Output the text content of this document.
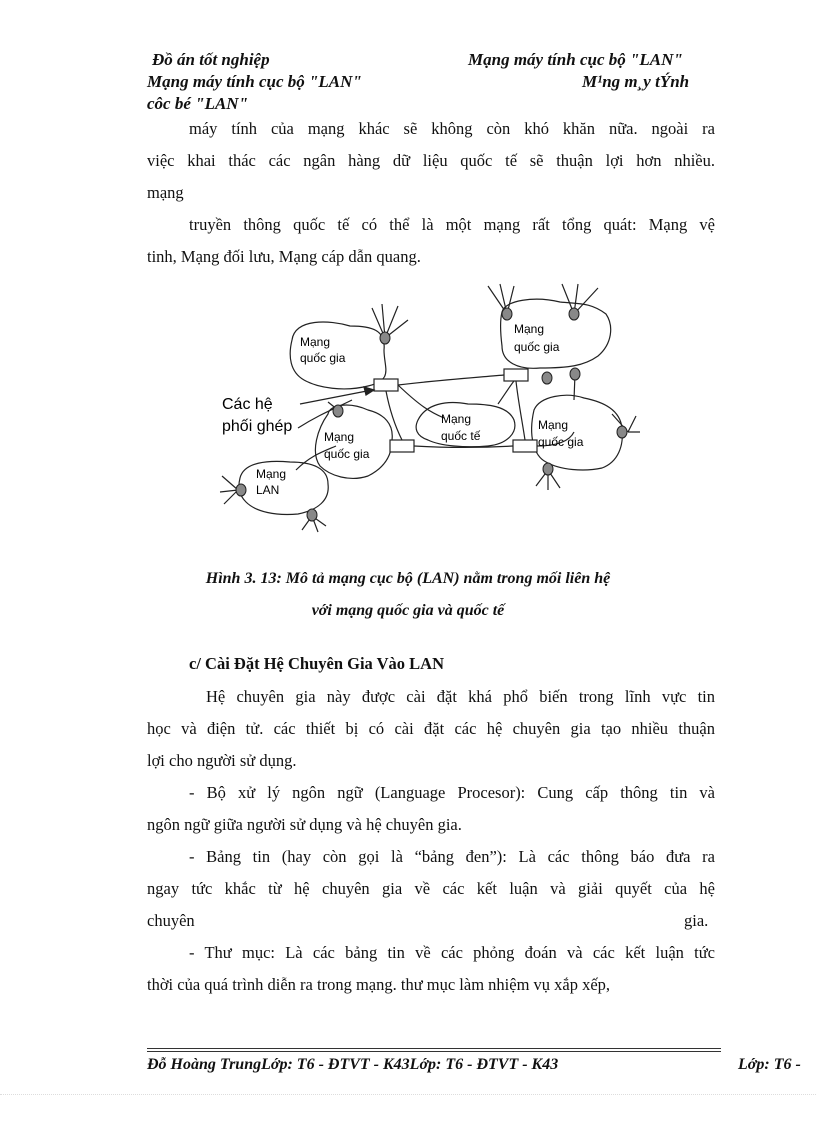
Đồ án tốt nghiệp	Mạng máy tính cục bộ "LAN"
Mạng máy tính cục bộ "LAN"	M¹ng m¸y tÝnh
côc bé "LAN"
máy tính của mạng khác sẽ không còn khó khăn nữa. ngoài ra
việc khai thác các ngân hàng dữ liệu quốc tế sẽ thuận lợi hơn nhiều.
mạng
truyền thông quốc tế có thể là một mạng rất tổng quát: Mạng vệ
tinh, Mạng đối lưu, Mạng cáp dẫn quang.
Các hệ
phối ghép
Mạng
quốc gia
Mạng
quốc gia
Mạng
quốc tế
Mạng
quốc gia
Mạng
quốc gia
Mạng
LAN
Hình 3. 13: Mô tả mạng cục bộ (LAN) nằm trong mối liên hệ
với mạng quốc gia và quốc tế
c/ Cài Đặt Hệ Chuyên Gia Vào LAN
Hệ chuyên gia này được cài đặt khá phổ biến trong lĩnh vực tin
học và điện tử. các thiết bị có cài đặt các hệ chuyên gia tạo nhiều thuận
lợi cho người sử dụng.
- Bộ xử lý ngôn ngữ (Language Procesor): Cung cấp thông tin và
ngôn ngữ giữa người sử dụng và hệ chuyên gia.
- Bảng tin (hay còn gọi là “bảng đen”): Là các thông báo đưa ra
ngay tức khắc từ hệ chuyên gia về các kết luận và giải quyết của hệ
chuyên	gia.
- Thư mục: Là các bảng tin về các phỏng đoán và các kết luận tức
thời của quá trình diễn ra trong mạng. thư mục làm nhiệm vụ xắp xếp,
Đỗ Hoàng TrungLớp: T6 - ĐTVT - K43Lớp: T6 - ĐTVT - K43	Lớp: T6 -
